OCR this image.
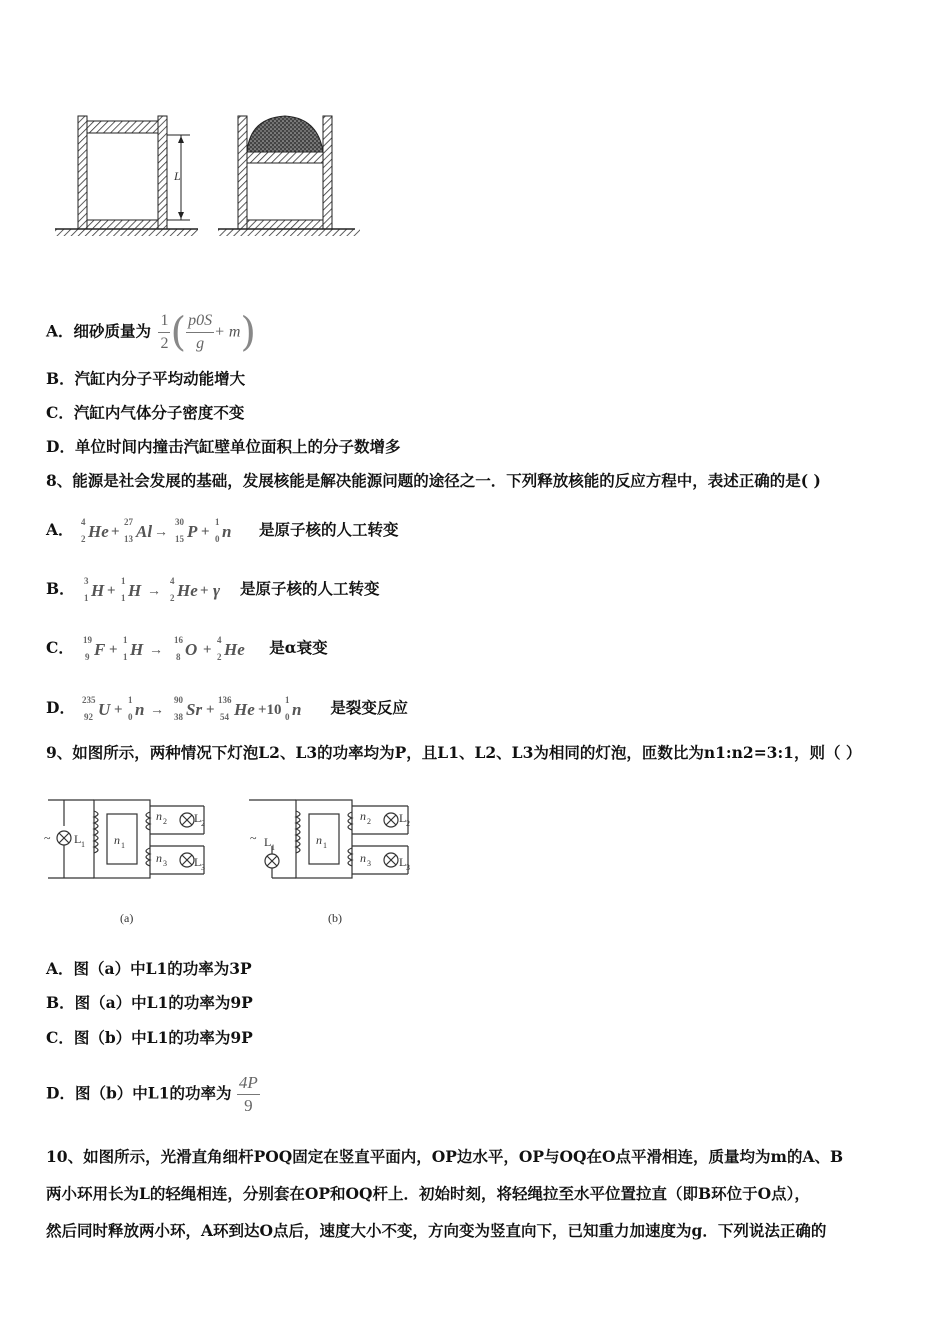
L
A．细砂质量为 $\frac{1}{2}$ ( $\frac{p0S}{g} + m$)
B．汽缸内分子平均动能增大
C．汽缸内气体分子密度不变
D．单位时间内撞击汽缸壁单位面积上的分子数增多
8、能源是社会发展的基础，发展核能是解决能源问题的途径之一．下列释放核能的反应方程中，表述正确的是( )
A． 4
2 He +
27
13 Al →
30
15 P +
1
0 n 是原子核的人工转变
B． 3
1 H +
1
1 H →
4
2 He + γ 是原子核的人工转变
C． 19
9 F +
1
1 H →
16
8 O +
4
2 He 是α衰变
D． 235
92 U +
1
0 n →
90
38 Sr +
136
54 He +10
1
0 n 是裂变反应
9、如图所示，两种情况下灯泡L2、L3的功率均为P，且L1、L2、L3为相同的灯泡，匝数比为n1:n2=3:1，则（ ）
~ L 1 n 1
n 2 L 2
n 3 L 3
(a)
~ L 1
n 1
n 2 L 2
n 3 L 3
(b)
A．图（a）中L1的功率为3P
B．图（a）中L1的功率为9P
C．图（b）中L1的功率为9P
D．图（b）中L1的功率为 $\frac{4P}{9}$
10、如图所示，光滑直角细杆POQ固定在竖直平面内，OP边水平，OP与OQ在O点平滑相连，质量均为m的A、B
两小环用长为L的轻绳相连，分别套在OP和OQ杆上．初始时刻，将轻绳拉至水平位置拉直（即B环位于O点），
然后同时释放两小环，A环到达O点后，速度大小不变，方向变为竖直向下，已知重力加速度为g．下列说法正确的
